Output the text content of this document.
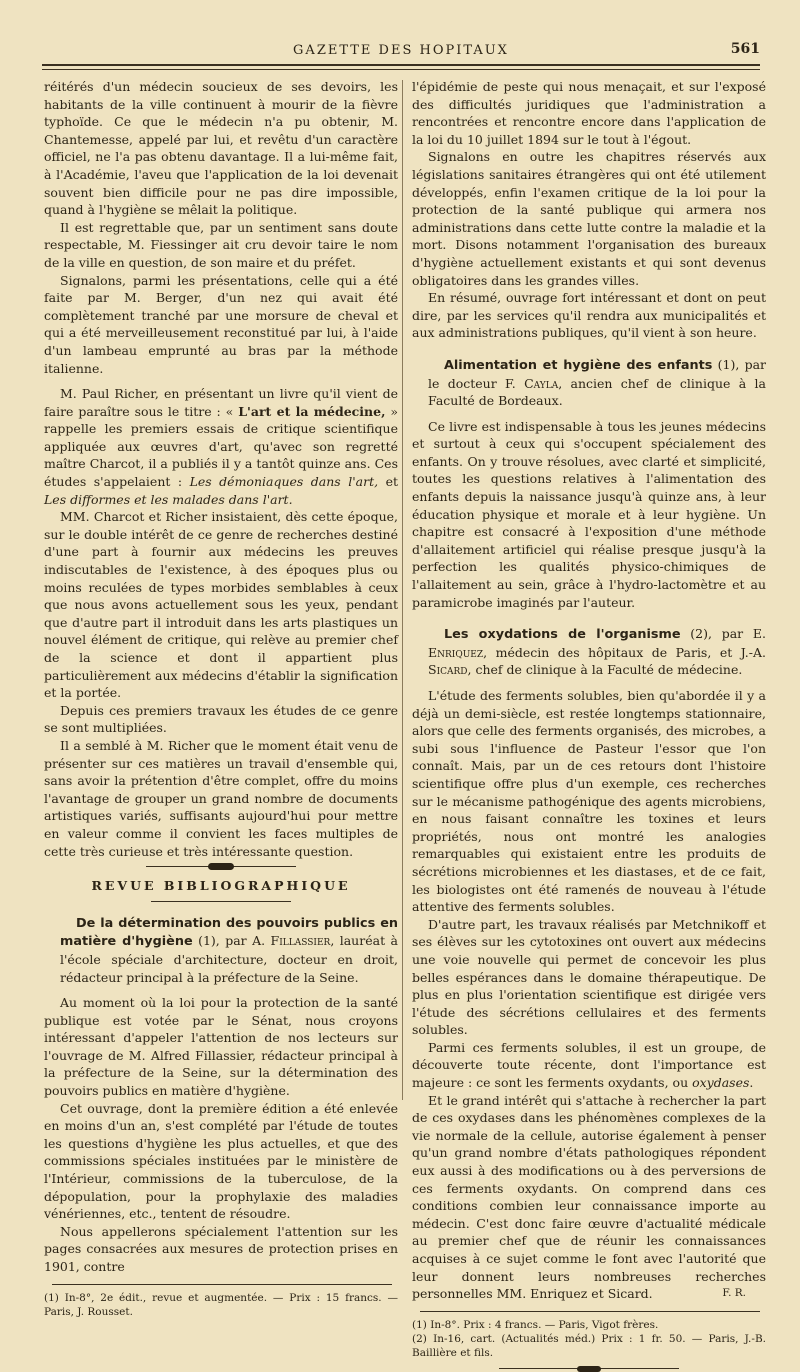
GAZETTE DES HOPITAUX	561

réitérés d'un médecin soucieux de ses devoirs, les habitants de la ville continuent à mourir de la fièvre typhoïde. Ce que le médecin n'a pu obtenir, M. Chantemesse, appelé par lui, et revêtu d'un caractère officiel, ne l'a pas obtenu davantage. Il a lui-même fait, à l'Académie, l'aveu que l'application de la loi devenait souvent bien difficile pour ne pas dire impossible, quand à l'hygiène se mêlait la politique.

Il est regrettable que, par un sentiment sans doute respectable, M. Fiessinger ait cru devoir taire le nom de la ville en question, de son maire et du préfet.

Signalons, parmi les présentations, celle qui a été faite par M. Berger, d'un nez qui avait été complètement tranché par une morsure de cheval et qui a été merveilleusement reconstitué par lui, à l'aide d'un lambeau emprunté au bras par la méthode italienne.

M. Paul Richer, en présentant un livre qu'il vient de faire paraître sous le titre : « L'art et la médecine, » rappelle les premiers essais de critique scientifique appliquée aux œuvres d'art, qu'avec son regretté maître Charcot, il a publiés il y a tantôt quinze ans. Ces études s'appelaient : Les démoniaques dans l'art, et Les difformes et les malades dans l'art.

MM. Charcot et Richer insistaient, dès cette époque, sur le double intérêt de ce genre de recherches destiné d'une part à fournir aux médecins les preuves indiscutables de l'existence, à des époques plus ou moins reculées de types morbides semblables à ceux que nous avons actuellement sous les yeux, pendant que d'autre part il introduit dans les arts plastiques un nouvel élément de critique, qui relève au premier chef de la science et dont il appartient plus particulièrement aux médecins d'établir la signification et la portée.

Depuis ces premiers travaux les études de ce genre se sont multipliées.

Il a semblé à M. Richer que le moment était venu de présenter sur ces matières un travail d'ensemble qui, sans avoir la prétention d'être complet, offre du moins l'avantage de grouper un grand nombre de documents artistiques variés, suffisants aujourd'hui pour mettre en valeur comme il convient les faces multiples de cette très curieuse et très intéressante question.

REVUE BIBLIOGRAPHIQUE

De la détermination des pouvoirs publics en matière d'hygiène (1), par A. Fillassier, lauréat à l'école spéciale d'architecture, docteur en droit, rédacteur principal à la préfecture de la Seine.

Au moment où la loi pour la protection de la santé publique est votée par le Sénat, nous croyons intéressant d'appeler l'attention de nos lecteurs sur l'ouvrage de M. Alfred Fillassier, rédacteur principal à la préfecture de la Seine, sur la détermination des pouvoirs publics en matière d'hygiène.

Cet ouvrage, dont la première édition a été enlevée en moins d'un an, s'est complété par l'étude de toutes les questions d'hygiène les plus actuelles, et que des commissions spéciales instituées par le ministère de l'Intérieur, commissions de la tuberculose, de la dépopulation, pour la prophylaxie des maladies vénériennes, etc., tentent de résoudre.

Nous appellerons spécialement l'attention sur les pages consacrées aux mesures de protection prises en 1901, contre

(1) In-8°, 2e édit., revue et augmentée. — Prix : 15 francs. — Paris, J. Rousset.

l'épidémie de peste qui nous menaçait, et sur l'exposé des difficultés juridiques que l'administration a rencontrées et rencontre encore dans l'application de la loi du 10 juillet 1894 sur le tout à l'égout.

Signalons en outre les chapitres réservés aux législations sanitaires étrangères qui ont été utilement développés, enfin l'examen critique de la loi pour la protection de la santé publique qui armera nos administrations dans cette lutte contre la maladie et la mort. Disons notamment l'organisation des bureaux d'hygiène actuellement existants et qui sont devenus obligatoires dans les grandes villes.

En résumé, ouvrage fort intéressant et dont on peut dire, par les services qu'il rendra aux municipalités et aux administrations publiques, qu'il vient à son heure.

Alimentation et hygiène des enfants (1), par le docteur F. Cayla, ancien chef de clinique à la Faculté de Bordeaux.

Ce livre est indispensable à tous les jeunes médecins et surtout à ceux qui s'occupent spécialement des enfants. On y trouve résolues, avec clarté et simplicité, toutes les questions relatives à l'alimentation des enfants depuis la naissance jusqu'à quinze ans, à leur éducation physique et morale et à leur hygiène. Un chapitre est consacré à l'exposition d'une méthode d'allaitement artificiel qui réalise presque jusqu'à la perfection les qualités physico-chimiques de l'allaitement au sein, grâce à l'hydro-lactomètre et au paramicrobe imaginés par l'auteur.

Les oxydations de l'organisme (2), par E. Enriquez, médecin des hôpitaux de Paris, et J.-A. Sicard, chef de clinique à la Faculté de médecine.

L'étude des ferments solubles, bien qu'abordée il y a déjà un demi-siècle, est restée longtemps stationnaire, alors que celle des ferments organisés, des microbes, a subi sous l'influence de Pasteur l'essor que l'on connaît. Mais, par un de ces retours dont l'histoire scientifique offre plus d'un exemple, ces recherches sur le mécanisme pathogénique des agents microbiens, en nous faisant connaître les toxines et leurs propriétés, nous ont montré les analogies remarquables qui existaient entre les produits de sécrétions microbiennes et les diastases, et de ce fait, les biologistes ont été ramenés de nouveau à l'étude attentive des ferments solubles.

D'autre part, les travaux réalisés par Metchnikoff et ses élèves sur les cytotoxines ont ouvert aux médecins une voie nouvelle qui permet de concevoir les plus belles espérances dans le domaine thérapeutique. De plus en plus l'orientation scientifique est dirigée vers l'étude des sécrétions cellulaires et des ferments solubles.

Parmi ces ferments solubles, il est un groupe, de découverte toute récente, dont l'importance est majeure : ce sont les ferments oxydants, ou oxydases.

Et le grand intérêt qui s'attache à rechercher la part de ces oxydases dans les phénomènes complexes de la vie normale de la cellule, autorise également à penser qu'un grand nombre d'états pathologiques répondent eux aussi à des modifications ou à des perversions de ces ferments oxydants. On comprend dans ces conditions combien leur connaissance importe au médecin. C'est donc faire œuvre d'actualité médicale au premier chef que de réunir les connaissances acquises à ce sujet comme le font avec l'autorité que leur donnent leurs nombreuses recherches personnelles MM. Enriquez et Sicard.	F. R.

(1) In-8°. Prix : 4 francs. — Paris, Vigot frères.

(2) In-16, cart. (Actualités méd.) Prix : 1 fr. 50. — Paris, J.-B. Baillière et fils.
